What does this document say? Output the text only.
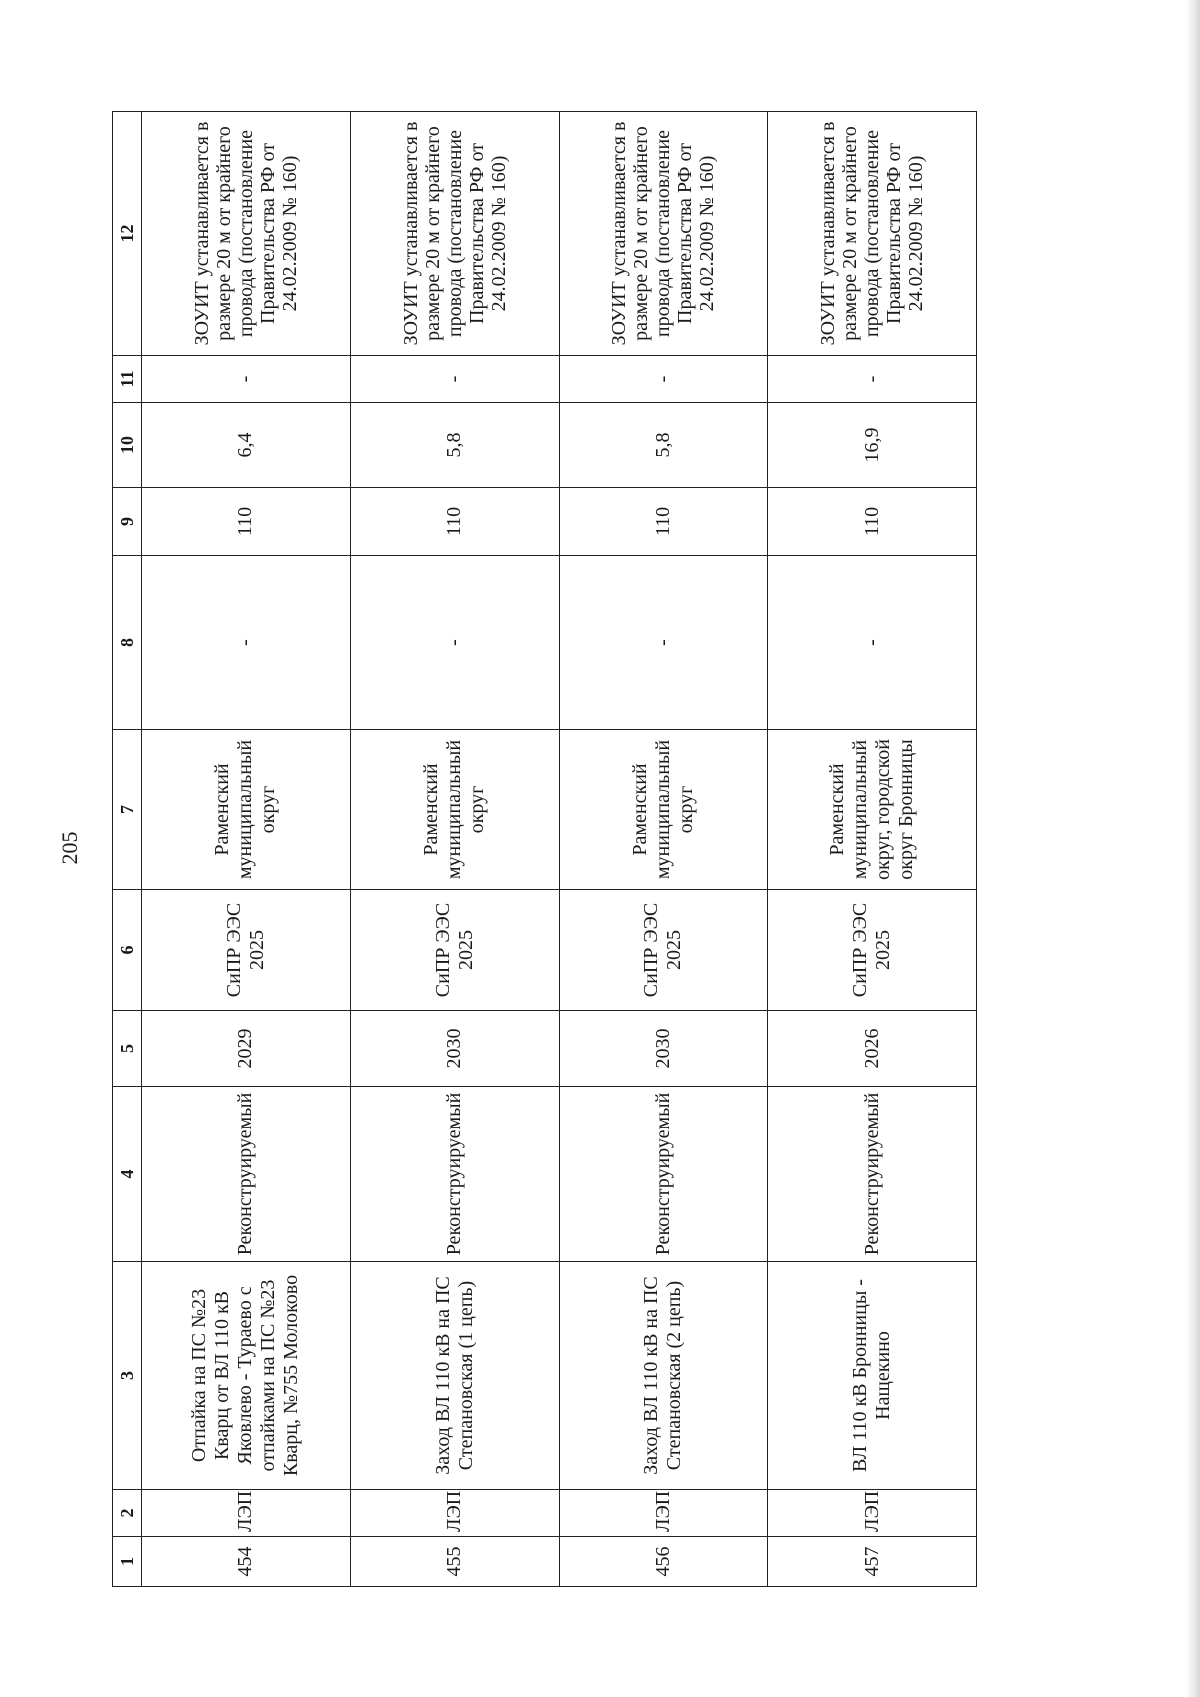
205
1	2	3	4	5	6	7	8	9	10	11	12
454	ЛЭП	Отпайка на ПС №23 Кварц от ВЛ 110 кВ Яковлево - Тураево с отпайками на ПС №23 Кварц, №755 Молоково	Реконструируемый	2029	СиПР ЭЭС 2025	Раменский муниципальный округ	-	110	6,4	-	ЗОУИТ устанавливается в размере 20 м от крайнего провода (постановление Правительства РФ от 24.02.2009 № 160)
455	ЛЭП	Заход ВЛ 110 кВ на ПС Степановская (1 цепь)	Реконструируемый	2030	СиПР ЭЭС 2025	Раменский муниципальный округ	-	110	5,8	-	ЗОУИТ устанавливается в размере 20 м от крайнего провода (постановление Правительства РФ от 24.02.2009 № 160)
456	ЛЭП	Заход ВЛ 110 кВ на ПС Степановская (2 цепь)	Реконструируемый	2030	СиПР ЭЭС 2025	Раменский муниципальный округ	-	110	5,8	-	ЗОУИТ устанавливается в размере 20 м от крайнего провода (постановление Правительства РФ от 24.02.2009 № 160)
457	ЛЭП	ВЛ 110 кВ Бронницы - Нащекино	Реконструируемый	2026	СиПР ЭЭС 2025	Раменский муниципальный округ, городской округ Бронницы	-	110	16,9	-	ЗОУИТ устанавливается в размере 20 м от крайнего провода (постановление Правительства РФ от 24.02.2009 № 160)
